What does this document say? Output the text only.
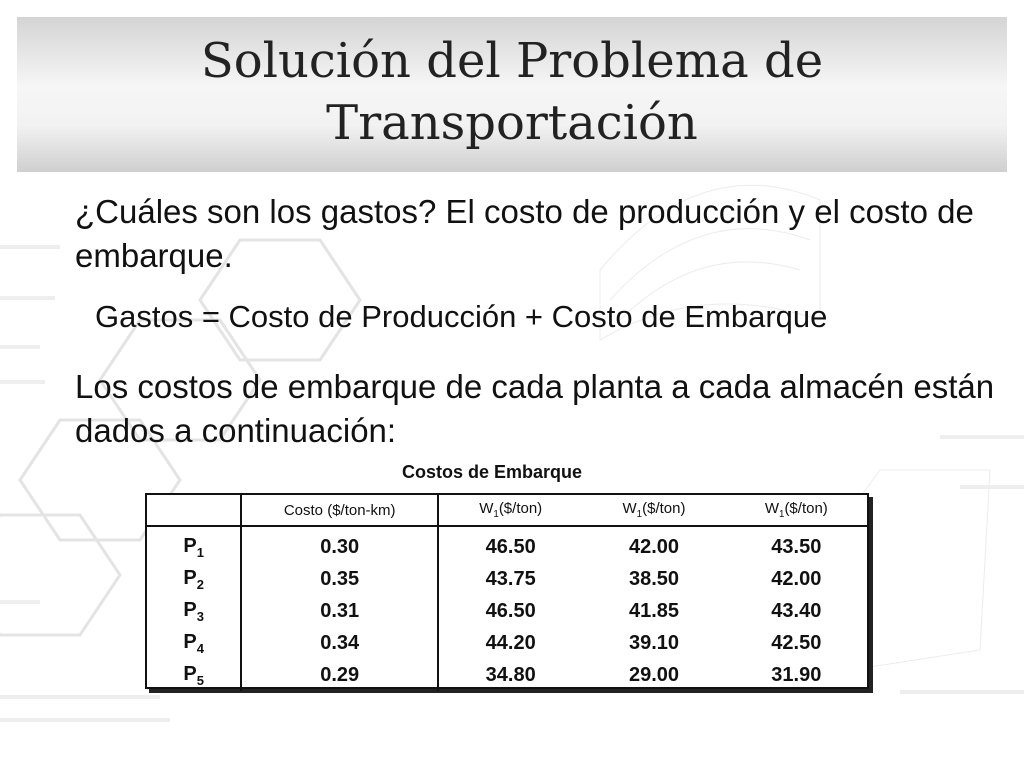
Solución del Problema de
Transportación

¿Cuáles son los gastos? El costo de producción y el costo de embarque.

Gastos = Costo de Producción + Costo de Embarque

Los costos de embarque de cada planta a cada almacén están dados a continuación:

Costos de Embarque
	Costo ($/ton-km)	$W_1(\$/ton)$	$W_1(\$/ton)$	$W_1(\$/ton)$
$P_1$	0.30	46.50	42.00	43.50
$P_2$	0.35	43.75	38.50	42.00
$P_3$	0.31	46.50	41.85	43.40
$P_4$	0.34	44.20	39.10	42.50
$P_5$	0.29	34.80	29.00	31.90
